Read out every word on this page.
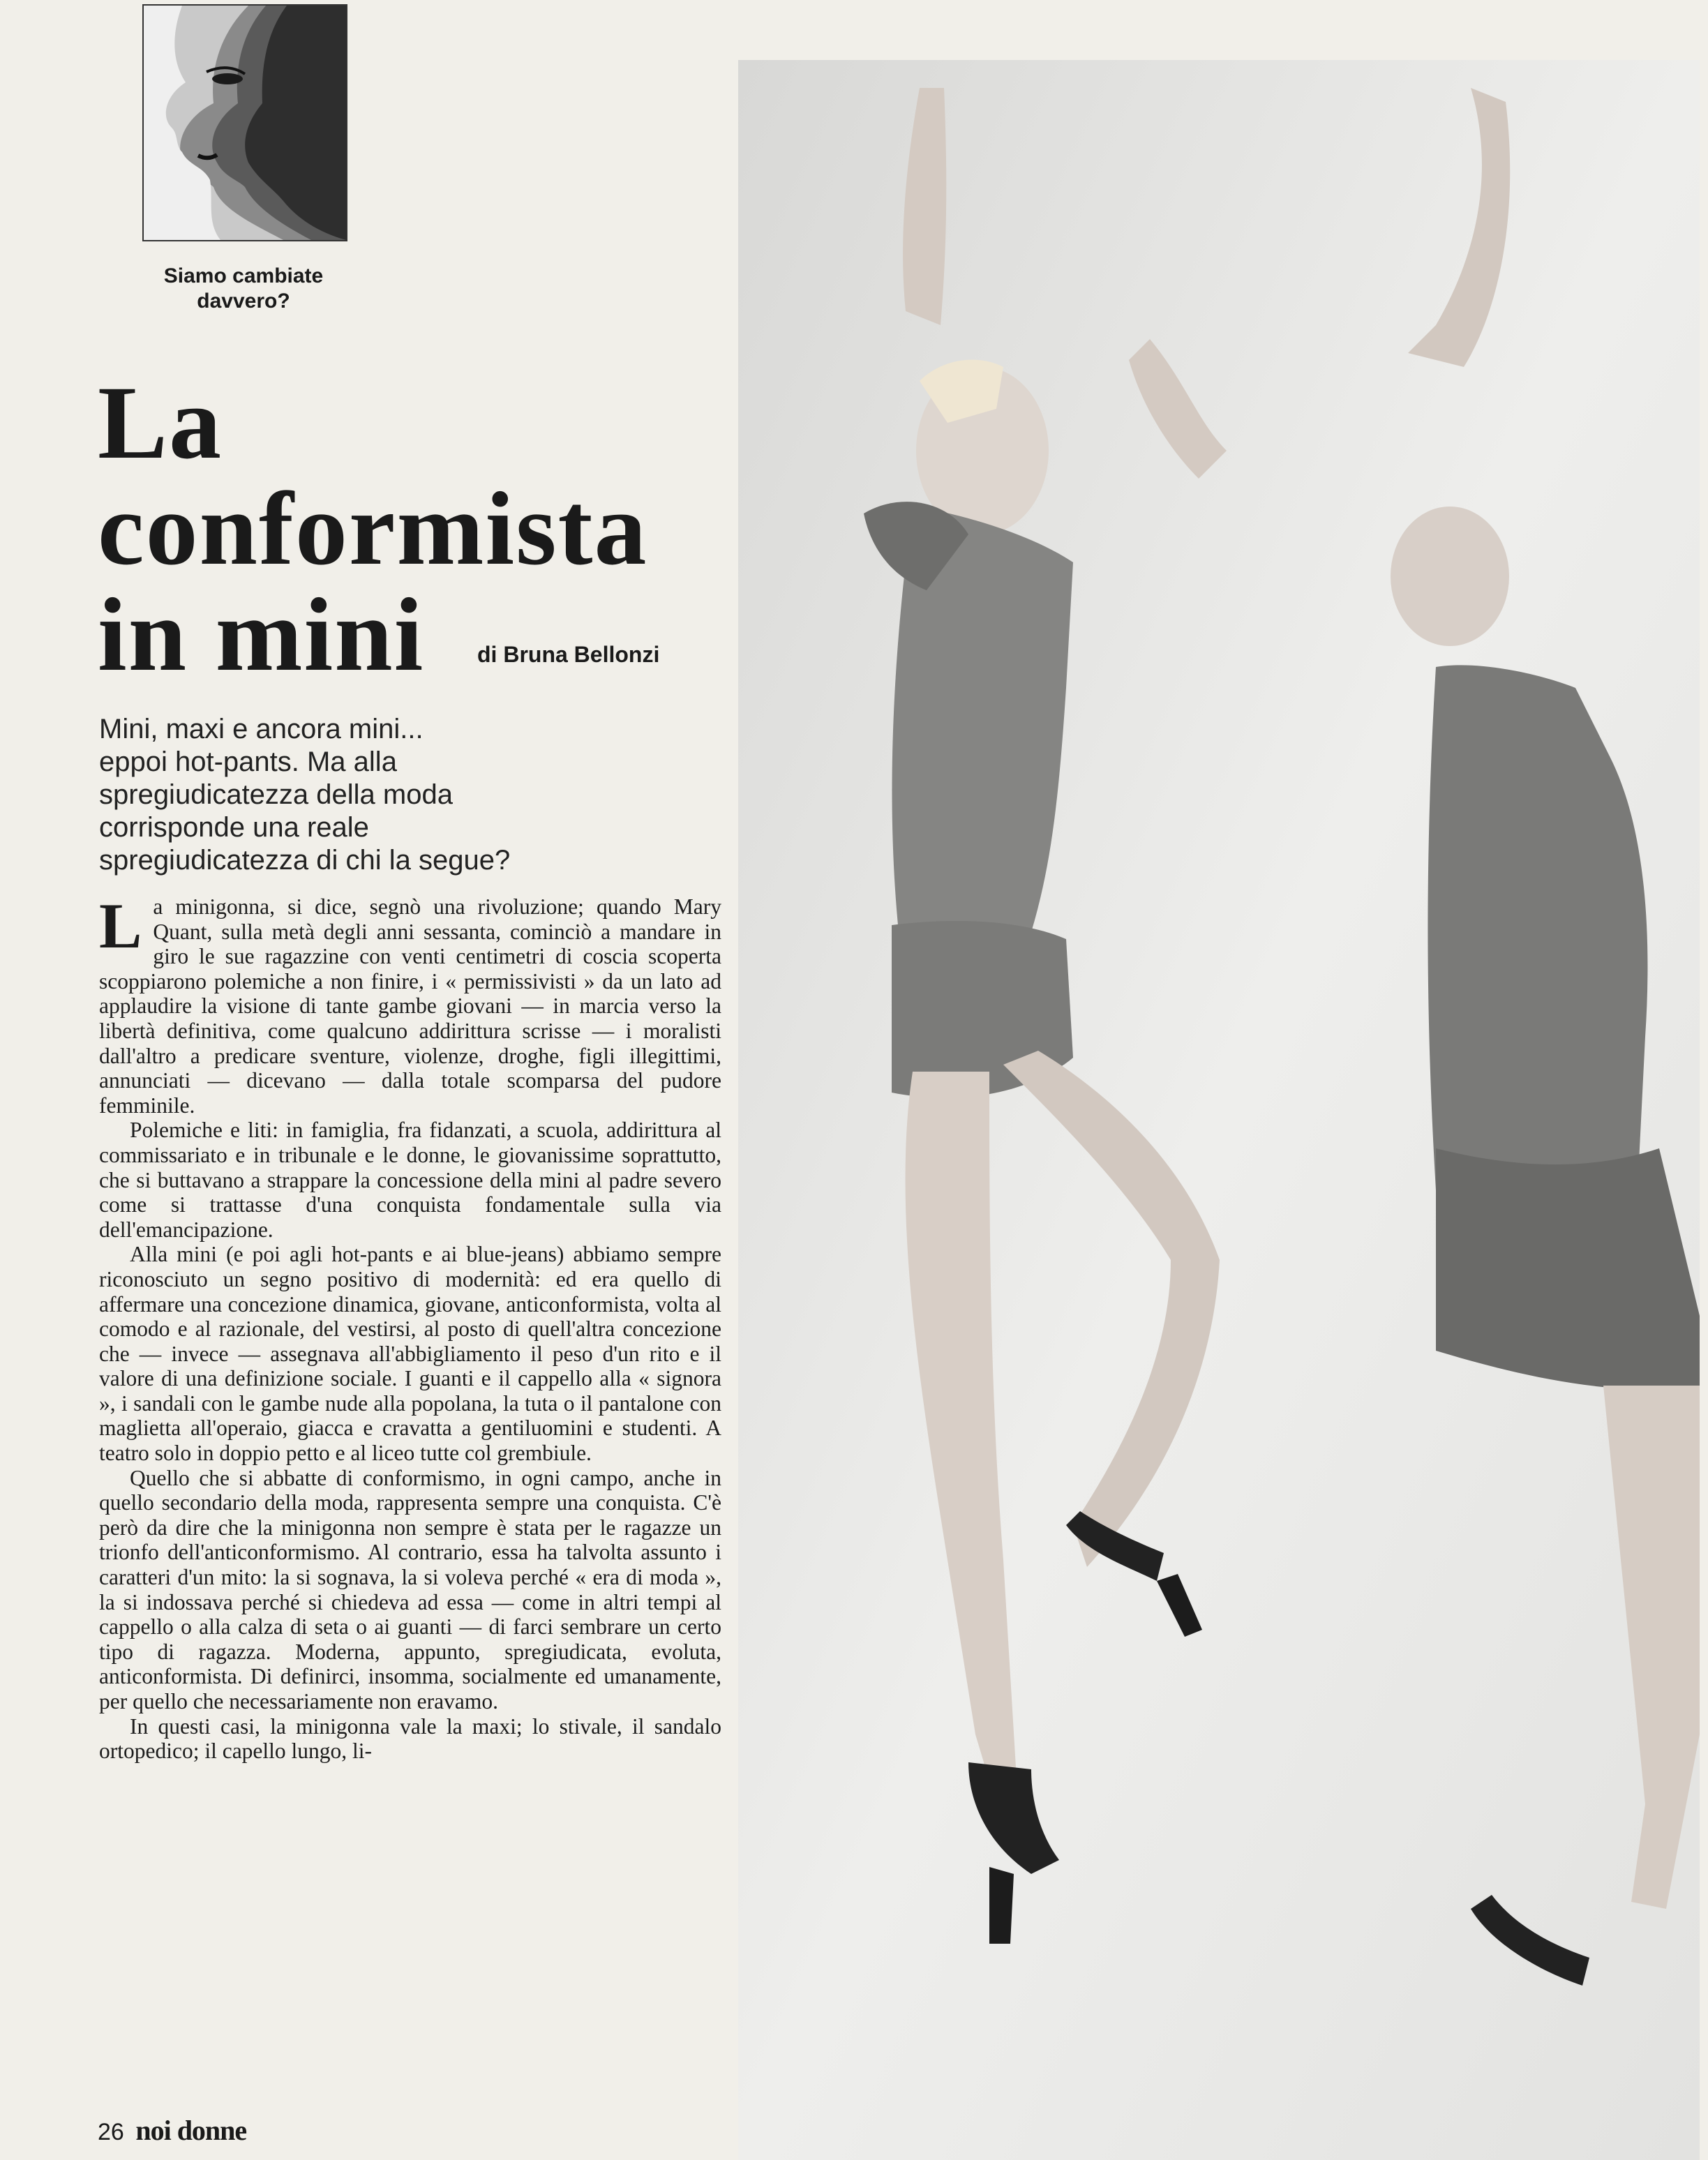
Siamo cambiate
davvero?
La
conformista
in mini	di Bruna Bellonzi
Mini, maxi e ancora mini...
eppoi hot-pants. Ma alla
spregiudicatezza della moda
corrisponde una reale
spregiudicatezza di chi la segue?

La minigonna, si dice, segnò una rivoluzione; quando Mary Quant, sulla metà degli anni sessanta, cominciò a mandare in giro le sue ragazzine con venti centimetri di coscia scoperta scoppiarono polemiche a non finire, i « permissivisti » da un lato ad applaudire la visione di tante gambe giovani — in marcia verso la libertà definitiva, come qualcuno addirittura scrisse — i moralisti dall'altro a predicare sventure, violenze, droghe, figli illegittimi, annunciati — dicevano — dalla totale scomparsa del pudore femminile.

Polemiche e liti: in famiglia, fra fidanzati, a scuola, addirittura al commissariato e in tribunale e le donne, le giovanissime soprattutto, che si buttavano a strappare la concessione della mini al padre severo come si trattasse d'una conquista fondamentale sulla via dell'emancipazione.

Alla mini (e poi agli hot-pants e ai blue-jeans) abbiamo sempre riconosciuto un segno positivo di modernità: ed era quello di affermare una concezione dinamica, giovane, anticonformista, volta al comodo e al razionale, del vestirsi, al posto di quell'altra concezione che — invece — assegnava all'abbigliamento il peso d'un rito e il valore di una definizione sociale. I guanti e il cappello alla « signora », i sandali con le gambe nude alla popolana, la tuta o il pantalone con maglietta all'operaio, giacca e cravatta a gentiluomini e studenti. A teatro solo in doppio petto e al liceo tutte col grembiule.

Quello che si abbatte di conformismo, in ogni campo, anche in quello secondario della moda, rappresenta sempre una conquista. C'è però da dire che la minigonna non sempre è stata per le ragazze un trionfo dell'anticonformismo. Al contrario, essa ha talvolta assunto i caratteri d'un mito: la si sognava, la si voleva perché « era di moda », la si indossava perché si chiedeva ad essa — come in altri tempi al cappello o alla calza di seta o ai guanti — di farci sembrare un certo tipo di ragazza. Moderna, appunto, spregiudicata, evoluta, anticonformista. Di definirci, insomma, socialmente ed umanamente, per quello che necessariamente non eravamo.

In questi casi, la minigonna vale la maxi; lo stivale, il sandalo ortopedico; il capello lungo, li-

26 noi donne
